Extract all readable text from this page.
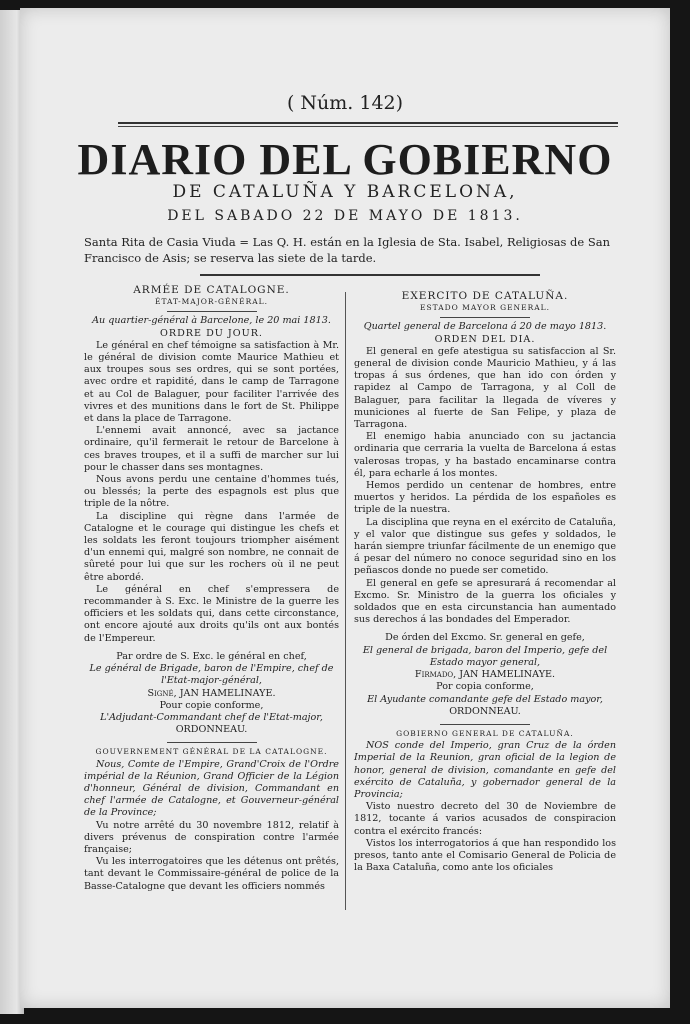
( Núm. 142)
DIARIO DEL GOBIERNO
DE CATALUÑA Y BARCELONA,
DEL SABADO 22 DE MAYO DE 1813.
Santa Rita de Casia Viuda = Las Q. H. están en la Iglesia de Sta. Isabel, Religiosas de San Francisco de Asis; se reserva las siete de la tarde.

ARMÉE DE CATALOGNE.

ÉTAT-MAJOR-GÉNÉRAL.

Au quartier-général à Barcelone, le 20 mai 1813.

ORDRE DU JOUR.

Le général en chef témoigne sa satisfaction à Mr. le général de division comte Maurice Mathieu et aux troupes sous ses ordres, qui se sont portées, avec ordre et rapidité, dans le camp de Tarragone et au Col de Balaguer, pour faciliter l'arrivée des vivres et des munitions dans le fort de St. Philippe et dans la place de Tarragone.

L'ennemi avait annoncé, avec sa jactance ordinaire, qu'il fermerait le retour de Barcelone à ces braves troupes, et il a suffi de marcher sur lui pour le chasser dans ses montagnes.

Nous avons perdu une centaine d'hommes tués, ou blessés; la perte des espagnols est plus que triple de la nôtre.

La discipline qui règne dans l'armée de Catalogne et le courage qui distingue les chefs et les soldats les feront toujours triompher aisément d'un ennemi qui, malgré son nombre, ne connait de sûreté pour lui que sur les rochers où il ne peut être abordé.

Le général en chef s'empressera de recommander à S. Exc. le Ministre de la guerre les officiers et les soldats qui, dans cette circonstance, ont encore ajouté aux droits qu'ils ont aux bontés de l'Empereur.

Par ordre de S. Exc. le général en chef,

Le général de Brigade, baron de l'Empire, chef de l'Etat-major-général,

Signé, JAN HAMELINAYE.

Pour copie conforme,

L'Adjudant-Commandant chef de l'Etat-major,

ORDONNEAU.

GOUVERNEMENT GÉNÉRAL DE LA CATALOGNE.

Nous, Comte de l'Empire, Grand'Croix de l'Ordre impérial de la Réunion, Grand Officier de la Légion d'honneur, Général de division, Commandant en chef l'armée de Catalogne, et Gouverneur-général de la Province;

Vu notre arrêté du 30 novembre 1812, relatif à divers prévenus de conspiration contre l'armée française;

Vu les interrogatoires que les détenus ont prêtés, tant devant le Commissaire-général de police de la Basse-Catalogne que devant les officiers nommés

EXERCITO DE CATALUÑA.

ESTADO MAYOR GENERAL.

Quartel general de Barcelona á 20 de mayo 1813.

ORDEN DEL DIA.

El general en gefe atestigua su satisfaccion al Sr. general de division conde Mauricio Mathieu, y á las tropas á sus órdenes, que han ido con órden y rapidez al Campo de Tarragona, y al Coll de Balaguer, para facilitar la llegada de víveres y municiones al fuerte de San Felipe, y plaza de Tarragona.

El enemigo habia anunciado con su jactancia ordinaria que cerraria la vuelta de Barcelona á estas valerosas tropas, y ha bastado encaminarse contra él, para echarle á los montes.

Hemos perdido un centenar de hombres, entre muertos y heridos. La pérdida de los españoles es triple de la nuestra.

La disciplina que reyna en el exército de Cataluña, y el valor que distingue sus gefes y soldados, le harán siempre triunfar fácilmente de un enemigo que á pesar del número no conoce seguridad sino en los peñascos donde no puede ser cometido.

El general en gefe se apresurará á recomendar al Excmo. Sr. Ministro de la guerra los oficiales y soldados que en esta circunstancia han aumentado sus derechos á las bondades del Emperador.

De órden del Excmo. Sr. general en gefe,

El general de brigada, baron del Imperio, gefe del Estado mayor general,

Firmado, JAN HAMELINAYE.

Por copia conforme,

El Ayudante comandante gefe del Estado mayor,

ORDONNEAU.

GOBIERNO GENERAL DE CATALUÑA.

NOS conde del Imperio, gran Cruz de la órden Imperial de la Reunion, gran oficial de la legion de honor, general de division, comandante en gefe del exército de Cataluña, y gobernador general de la Provincia;

Visto nuestro decreto del 30 de Noviembre de 1812, tocante á varios acusados de conspiracion contra el exército francés:

Vistos los interrogatorios á que han respondido los presos, tanto ante el Comisario General de Policia de la Baxa Cataluña, como ante los oficiales
